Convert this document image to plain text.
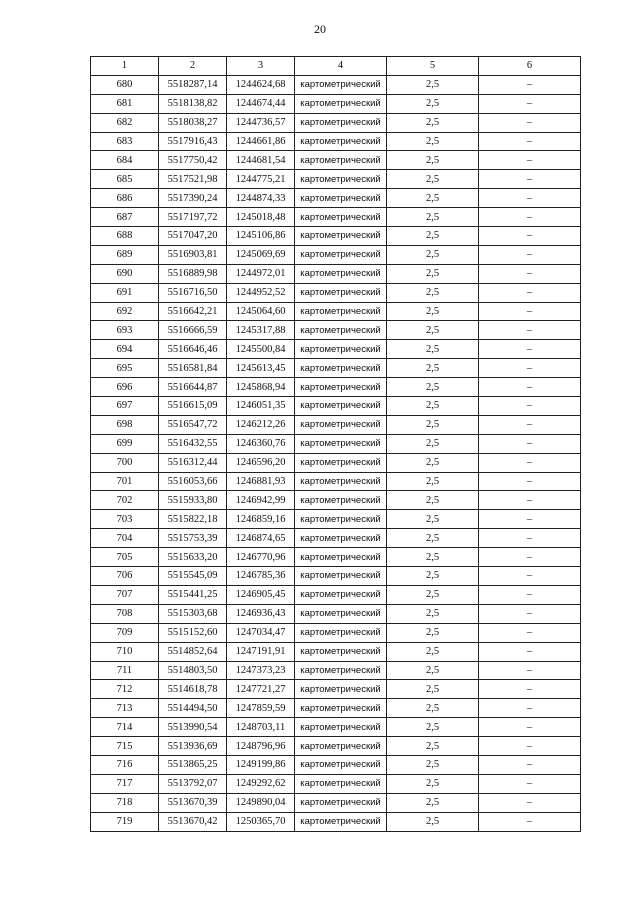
20
1	2	3	4	5	6
680	5518287,14	1244624,68	картометрический	2,5	–
681	5518138,82	1244674,44	картометрический	2,5	–
682	5518038,27	1244736,57	картометрический	2,5	–
683	5517916,43	1244661,86	картометрический	2,5	–
684	5517750,42	1244681,54	картометрический	2,5	–
685	5517521,98	1244775,21	картометрический	2,5	–
686	5517390,24	1244874,33	картометрический	2,5	–
687	5517197,72	1245018,48	картометрический	2,5	–
688	5517047,20	1245106,86	картометрический	2,5	–
689	5516903,81	1245069,69	картометрический	2,5	–
690	5516889,98	1244972,01	картометрический	2,5	–
691	5516716,50	1244952,52	картометрический	2,5	–
692	5516642,21	1245064,60	картометрический	2,5	–
693	5516666,59	1245317,88	картометрический	2,5	–
694	5516646,46	1245500,84	картометрический	2,5	–
695	5516581,84	1245613,45	картометрический	2,5	–
696	5516644,87	1245868,94	картометрический	2,5	–
697	5516615,09	1246051,35	картометрический	2,5	–
698	5516547,72	1246212,26	картометрический	2,5	–
699	5516432,55	1246360,76	картометрический	2,5	–
700	5516312,44	1246596,20	картометрический	2,5	–
701	5516053,66	1246881,93	картометрический	2,5	–
702	5515933,80	1246942,99	картометрический	2,5	–
703	5515822,18	1246859,16	картометрический	2,5	–
704	5515753,39	1246874,65	картометрический	2,5	–
705	5515633,20	1246770,96	картометрический	2,5	–
706	5515545,09	1246785,36	картометрический	2,5	–
707	5515441,25	1246905,45	картометрический	2,5	–
708	5515303,68	1246936,43	картометрический	2,5	–
709	5515152,60	1247034,47	картометрический	2,5	–
710	5514852,64	1247191,91	картометрический	2,5	–
711	5514803,50	1247373,23	картометрический	2,5	–
712	5514618,78	1247721,27	картометрический	2,5	–
713	5514494,50	1247859,59	картометрический	2,5	–
714	5513990,54	1248703,11	картометрический	2,5	–
715	5513936,69	1248796,96	картометрический	2,5	–
716	5513865,25	1249199,86	картометрический	2,5	–
717	5513792,07	1249292,62	картометрический	2,5	–
718	5513670,39	1249890,04	картометрический	2,5	–
719	5513670,42	1250365,70	картометрический	2,5	–
